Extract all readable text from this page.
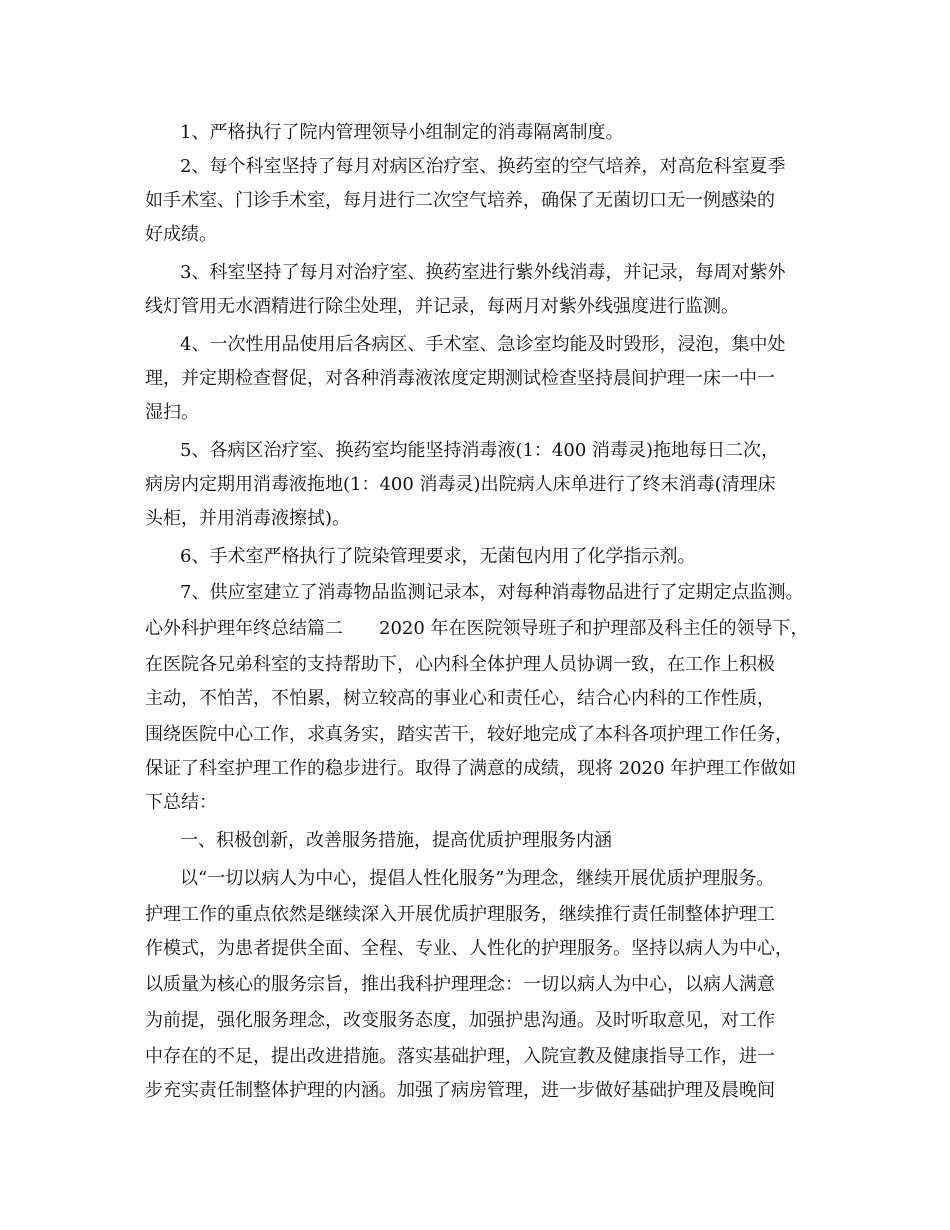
1、严格执行了院内管理领导小组制定的消毒隔离制度。
2、每个科室坚持了每月对病区治疗室、换药室的空气培养，对高危科室夏季
如手术室、门诊手术室，每月进行二次空气培养，确保了无菌切口无一例感染的
好成绩。
3、科室坚持了每月对治疗室、换药室进行紫外线消毒，并记录，每周对紫外
线灯管用无水酒精进行除尘处理，并记录，每两月对紫外线强度进行监测。
4、一次性用品使用后各病区、手术室、急诊室均能及时毁形，浸泡，集中处
理，并定期检查督促，对各种消毒液浓度定期测试检查坚持晨间护理一床一中一
湿扫。
5、各病区治疗室、换药室均能坚持消毒液(1：400 消毒灵)拖地每日二次，
病房内定期用消毒液拖地(1：400 消毒灵)出院病人床单进行了终末消毒(清理床
头柜，并用消毒液擦拭)。
6、手术室严格执行了院染管理要求，无菌包内用了化学指示剂。
7、供应室建立了消毒物品监测记录本，对每种消毒物品进行了定期定点监测。
心外科护理年终总结篇二　　2020 年在医院领导班子和护理部及科主任的领导下，
在医院各兄弟科室的支持帮助下，心内科全体护理人员协调一致，在工作上积极
主动，不怕苦，不怕累，树立较高的事业心和责任心，结合心内科的工作性质，
围绕医院中心工作，求真务实，踏实苦干，较好地完成了本科各项护理工作任务，
保证了科室护理工作的稳步进行。取得了满意的成绩，现将 2020 年护理工作做如
下总结：
一、积极创新，改善服务措施，提高优质护理服务内涵
以“一切以病人为中心，提倡人性化服务”为理念，继续开展优质护理服务。
护理工作的重点依然是继续深入开展优质护理服务，继续推行责任制整体护理工
作模式，为患者提供全面、全程、专业、人性化的护理服务。坚持以病人为中心，
以质量为核心的服务宗旨，推出我科护理理念：一切以病人为中心，以病人满意
为前提，强化服务理念，改变服务态度，加强护患沟通。及时听取意见，对工作
中存在的不足，提出改进措施。落实基础护理，入院宣教及健康指导工作，进一
步充实责任制整体护理的内涵。加强了病房管理，进一步做好基础护理及晨晚间
